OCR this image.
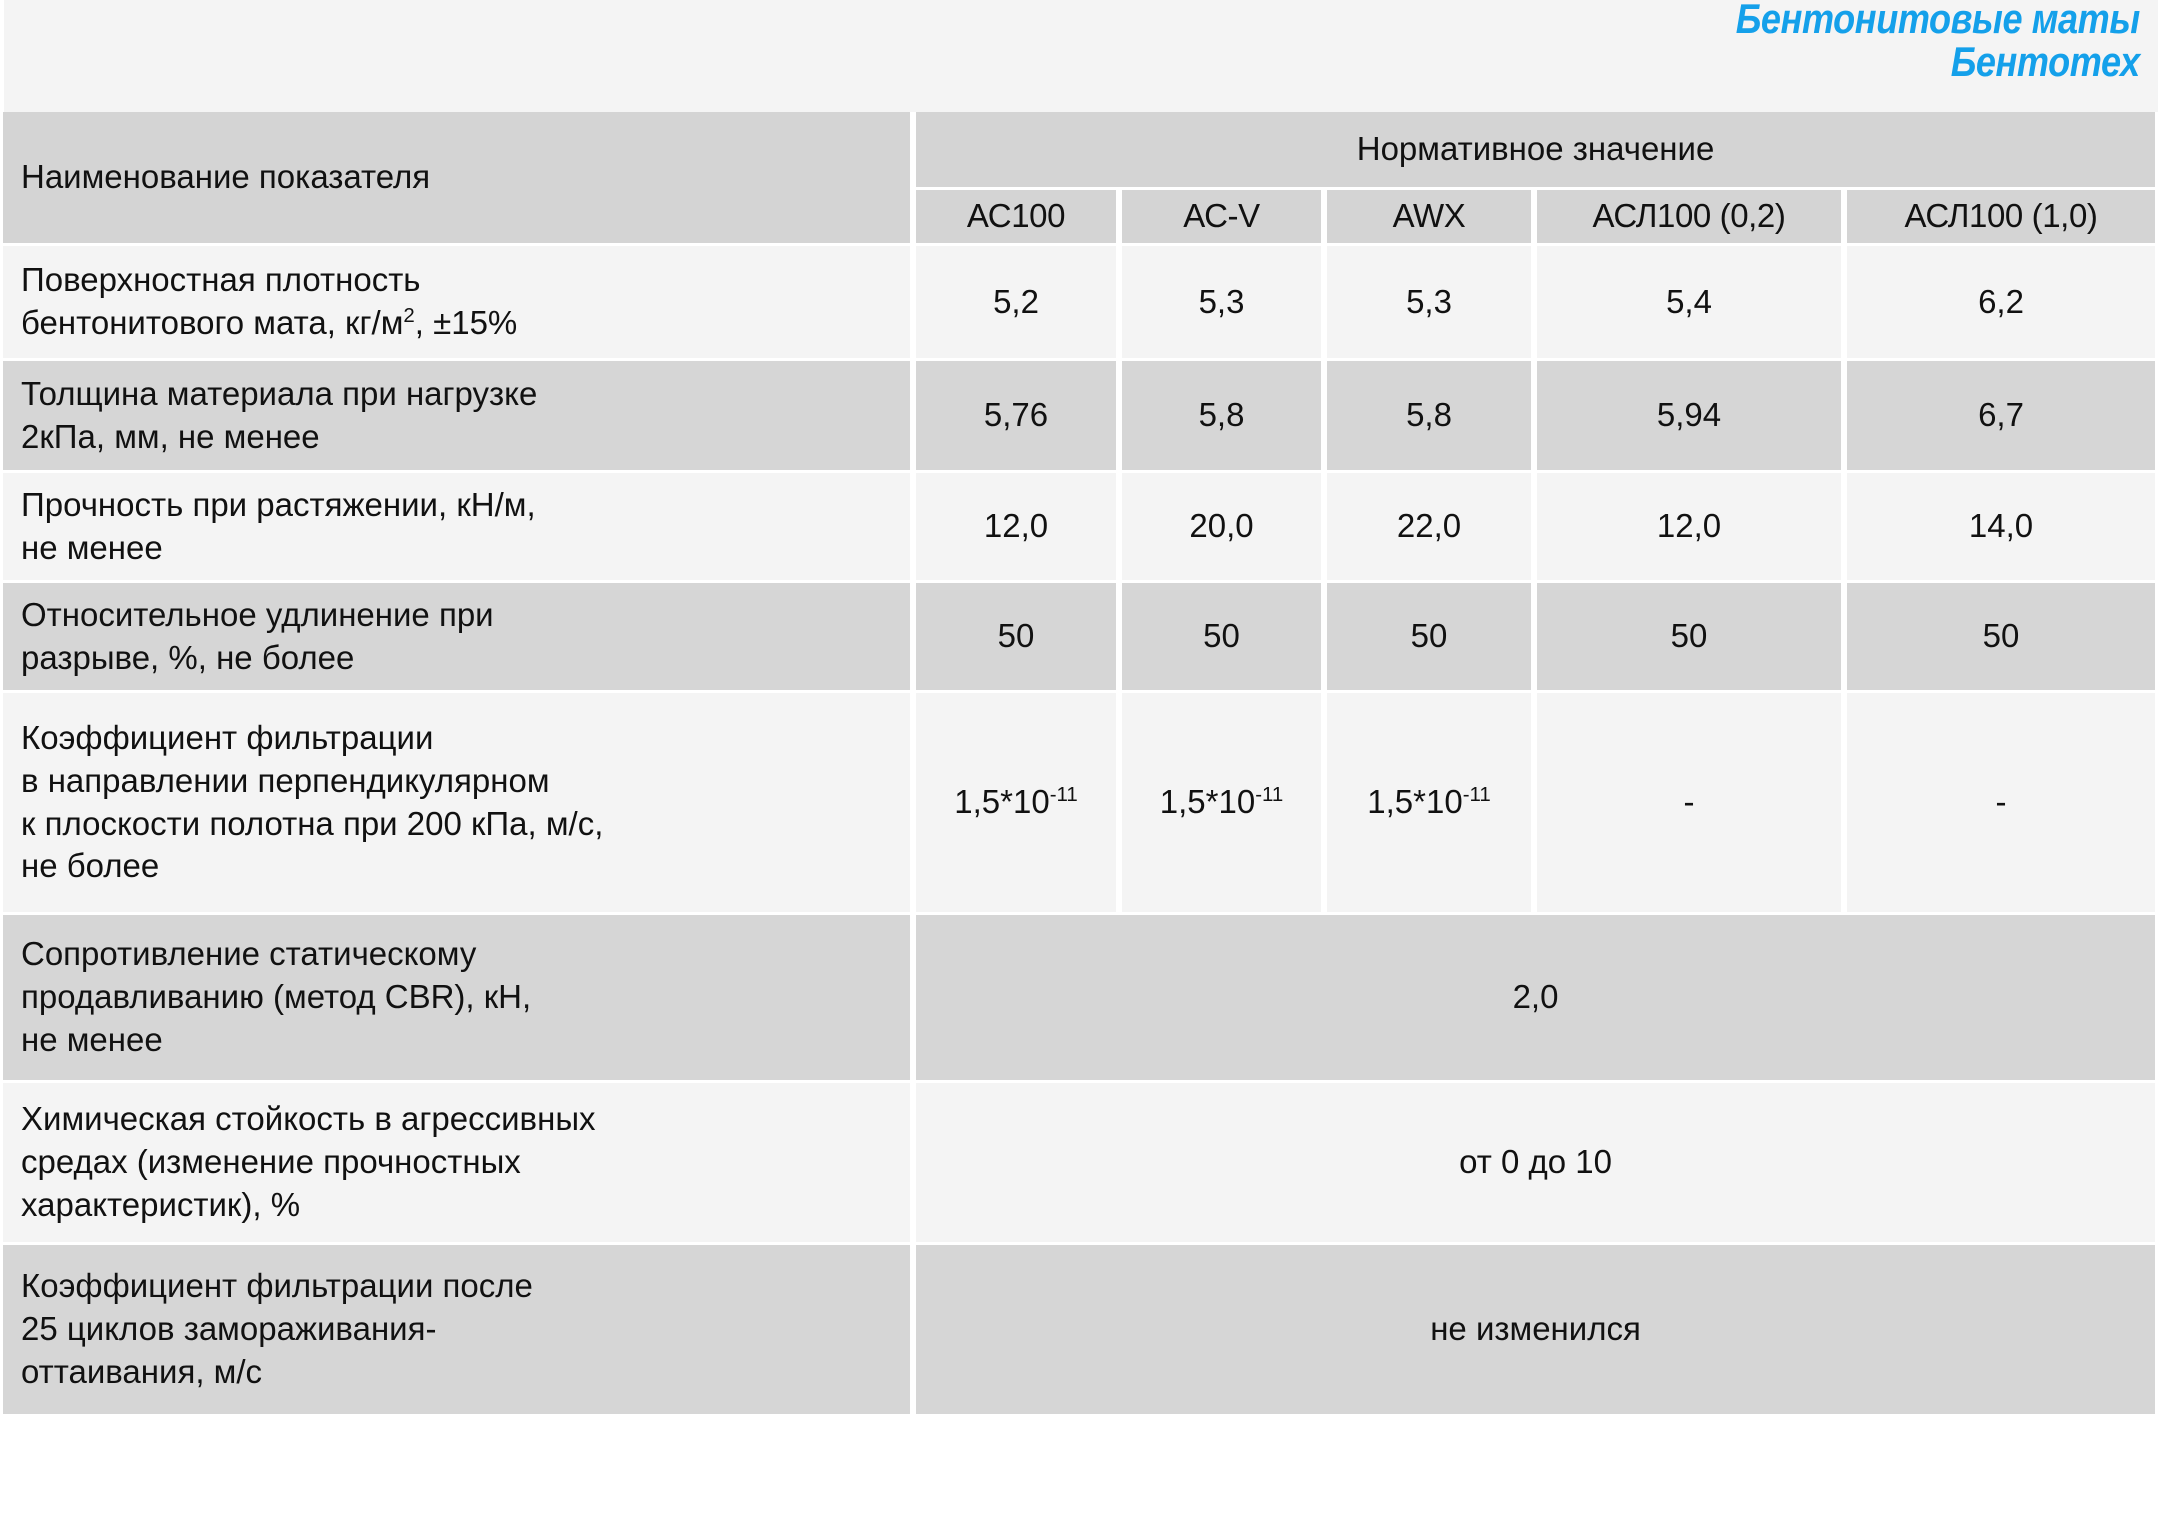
Бентонитовые маты
Бентотех
Наименование показателя	Нормативное значение				
	АС100	АС-V	AWX	АСЛ100 (0,2)	АСЛ100 (1,0)

Поверхностная плотность
бентонитового мата, $кг/м^2$, ±15%	5,2	5,3	5,3	5,4	6,2

Толщина материала при нагрузке
2кПа, мм, не менее	5,76	5,8	5,8	5,94	6,7

Прочность при растяжении, кН/м,
не менее	12,0	20,0	22,0	12,0	14,0

Относительное удлинение при
разрыве, %, не более	50	50	50	50	50

Коэффициент фильтрации
в направлении перпендикулярном
к плоскости полотна при 200 кПа, м/с,
не более	$1,5*10^{-11}$	$1,5*10^{-11}$	$1,5*10^{-11}$	-	-

Сопротивление статическому
продавливанию (метод CBR), кН,
не менее	2,0				

Химическая стойкость в агрессивных
средах (изменение прочностных
характеристик), %	от 0 до 10				

Коэффициент фильтрации после
25 циклов замораживания-
оттаивания, м/с	не изменился				
